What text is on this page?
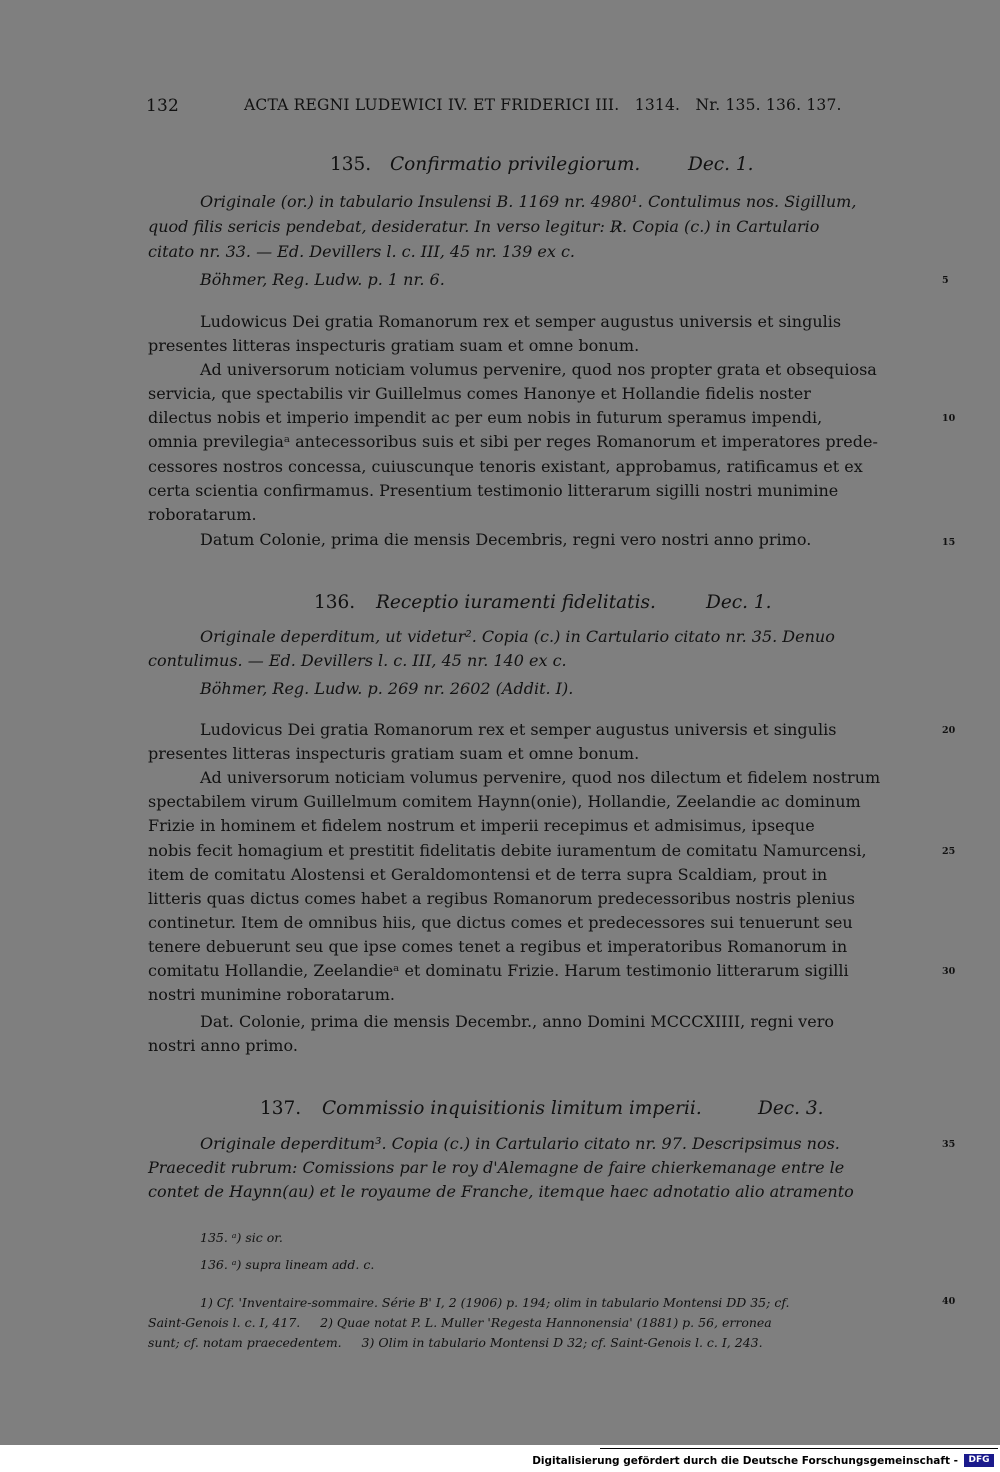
132	ACTA REGNI LUDEWICI IV. ET FRIDERICI III.   1314.   Nr. 135. 136. 137.
135. Confirmatio privilegiorum.	Dec. 1.
Originale (or.) in tabulario Insulensi B. 1169 nr. 4980¹. Contulimus nos. Sigillum,
quod filis sericis pendebat, desideratur. In verso legitur: R̷. Copia (c.) in Cartulario
citato nr. 33. — Ed. Devillers l. c. III, 45 nr. 139 ex c.
Böhmer, Reg. Ludw. p. 1 nr. 6.
Ludowicus Dei gratia Romanorum rex et semper augustus universis et singulis
presentes litteras inspecturis gratiam suam et omne bonum.
Ad universorum noticiam volumus pervenire, quod nos propter grata et obsequiosa
servicia, que spectabilis vir Guillelmus comes Hanonye et Hollandie fidelis noster
dilectus nobis et imperio impendit ac per eum nobis in futurum speramus impendi,
omnia previlegiaᵃ antecessoribus suis et sibi per reges Romanorum et imperatores prede-
cessores nostros concessa, cuiuscunque tenoris existant, approbamus, ratificamus et ex
certa scientia confirmamus. Presentium testimonio litterarum sigilli nostri munimine
roboratarum.
Datum Colonie, prima die mensis Decembris, regni vero nostri anno primo.
136. Receptio iuramenti fidelitatis.	Dec. 1.
Originale deperditum, ut videtur². Copia (c.) in Cartulario citato nr. 35. Denuo
contulimus. — Ed. Devillers l. c. III, 45 nr. 140 ex c.
Böhmer, Reg. Ludw. p. 269 nr. 2602 (Addit. I).
Ludovicus Dei gratia Romanorum rex et semper augustus universis et singulis
presentes litteras inspecturis gratiam suam et omne bonum.
Ad universorum noticiam volumus pervenire, quod nos dilectum et fidelem nostrum
spectabilem virum Guillelmum comitem Haynn(onie), Hollandie, Zeelandie ac dominum
Frizie in hominem et fidelem nostrum et imperii recepimus et admisimus, ipseque
nobis fecit homagium et prestitit fidelitatis debite iuramentum de comitatu Namurcensi,
item de comitatu Alostensi et Geraldomontensi et de terra supra Scaldiam, prout in
litteris quas dictus comes habet a regibus Romanorum predecessoribus nostris plenius
continetur. Item de omnibus hiis, que dictus comes et predecessores sui tenuerunt seu
tenere debuerunt seu que ipse comes tenet a regibus et imperatoribus Romanorum in
comitatu Hollandie, Zeelandieᵃ et dominatu Frizie. Harum testimonio litterarum sigilli
nostri munimine roboratarum.
Dat. Colonie, prima die mensis Decembr., anno Domini MCCCXIIII, regni vero
nostri anno primo.
137. Commissio inquisitionis limitum imperii.	Dec. 3.
Originale deperditum³. Copia (c.) in Cartulario citato nr. 97. Descripsimus nos.
Praecedit rubrum: Comissions par le roy d'Alemagne de faire chierkemanage entre le
contet de Haynn(au) et le royaume de Franche, itemque haec adnotatio alio atramento
5
10
15
20
25
30
35
40
135. ᵃ) sic or.
136. ᵃ) supra lineam add. c.
1) Cf. 'Inventaire-sommaire. Série B' I, 2 (1906) p. 194; olim in tabulario Montensi DD 35; cf.
Saint-Genois l. c. I, 417.     2) Quae notat P. L. Muller 'Regesta Hannonensia' (1881) p. 56, erronea
sunt; cf. notam praecedentem.     3) Olim in tabulario Montensi D 32; cf. Saint-Genois l. c. I, 243.
Digitalisierung gefördert durch die Deutsche Forschungsgemeinschaft -	DFG
